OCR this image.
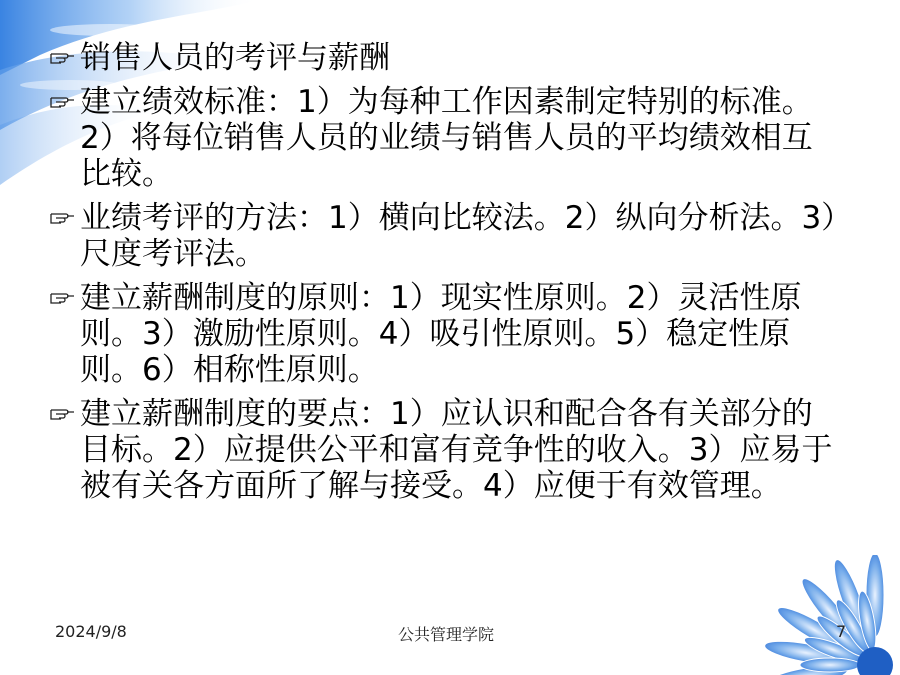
销售人员的考评与薪酬
建立绩效标准：1）为每种工作因素制定特别的标准。2）将每位销售人员的业绩与销售人员的平均绩效相互比较。
业绩考评的方法：1）横向比较法。2）纵向分析法。3）尺度考评法。
建立薪酬制度的原则：1）现实性原则。2）灵活性原则。3）激励性原则。4）吸引性原则。5）稳定性原则。6）相称性原则。
建立薪酬制度的要点：1）应认识和配合各有关部分的目标。2）应提供公平和富有竞争性的收入。3）应易于被有关各方面所了解与接受。4）应便于有效管理。
2024/9/8	公共管理学院	7
